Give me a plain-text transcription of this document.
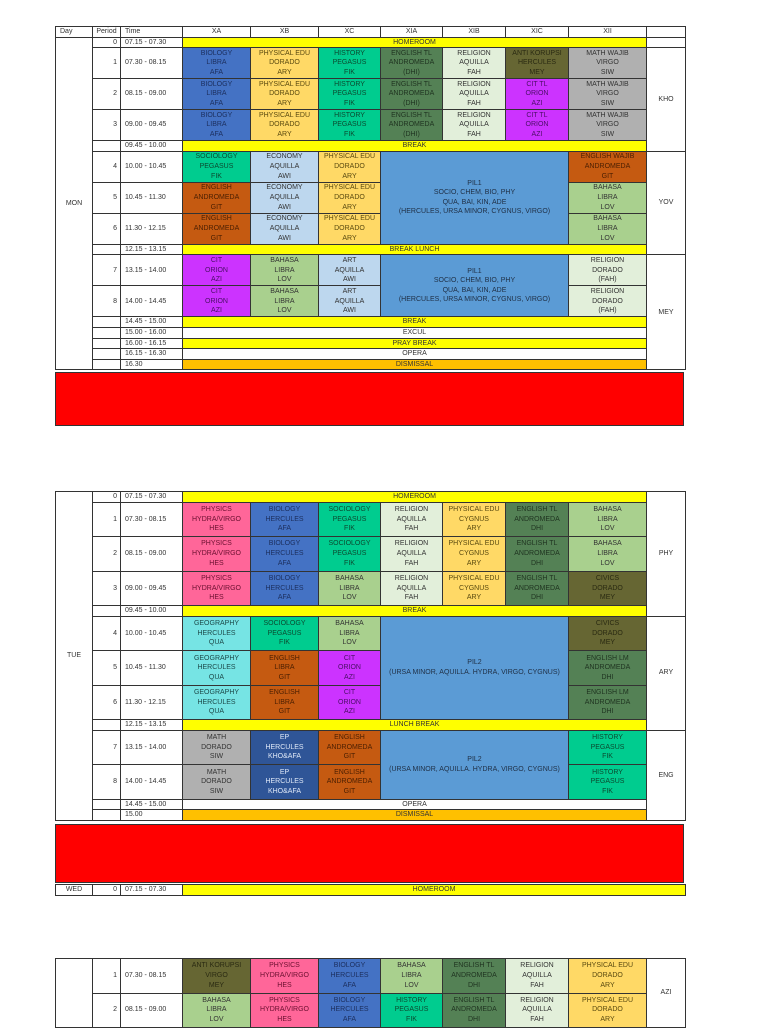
Day	Period	Time	XA	XB	XC	XIA	XIB	XIC	XII	
MON	0	07.15 - 07.30	HOMEROOM							
	1	07.30 - 08.15	BIOLOGY
LIBRA
AFA	PHYSICAL EDU
DORADO
ARY	HISTORY
PEGASUS
FIK	ENGLISH TL
ANDROMEDA
(DHI)	RELIGION
AQUILLA
FAH	ANTI KORUPSI
HERCULES
MEY	MATH WAJIB
VIRGO
SIW	KHO
	2	08.15 - 09.00	BIOLOGY
LIBRA
AFA	PHYSICAL EDU
DORADO
ARY	HISTORY
PEGASUS
FIK	ENGLISH TL
ANDROMEDA
(DHI)	RELIGION
AQUILLA
FAH	CIT TL
ORION
AZI	MATH WAJIB
VIRGO
SIW	

	3	09.00 - 09.45	BIOLOGY
LIBRA
AFA	PHYSICAL EDU
DORADO
ARY	HISTORY
PEGASUS
FIK	ENGLISH TL
ANDROMEDA
(DHI)	RELIGION
AQUILLA
FAH	CIT TL
ORION
AZI	MATH WAJIB
VIRGO
SIW	

		09.45 - 10.00	BREAK							
	4	10.00 - 10.45	SOCIOLOGY
PEGASUS
FIK	ECONOMY
AQUILLA
AWI	PHYSICAL EDU
DORADO
ARY	PIL1
SOCIO, CHEM, BIO, PHY
QUA, BAI, KIN, ADE
(HERCULES, URSA MINOR, CYGNUS, VIRGO)			ENGLISH WAJIB
ANDROMEDA
GIT	YOV
	5	10.45 - 11.30	ENGLISH
ANDROMEDA
GIT	ECONOMY
AQUILLA
AWI	PHYSICAL EDU
DORADO
ARY				BAHASA
LIBRA
LOV	

	6	11.30 - 12.15	ENGLISH
ANDROMEDA
GIT	ECONOMY
AQUILLA
AWI	PHYSICAL EDU
DORADO
ARY				BAHASA
LIBRA
LOV	

		12.15 - 13.15	BREAK LUNCH							
	7	13.15 - 14.00	CIT
ORION
AZI	BAHASA
LIBRA
LOV	ART
AQUILLA
AWI	PIL1
SOCIO, CHEM, BIO, PHY
QUA, BAI, KIN, ADE
(HERCULES, URSA MINOR, CYGNUS, VIRGO)			RELIGION
DORADO
(FAH)	MEY
	8	14.00 - 14.45	CIT
ORION
AZI	BAHASA
LIBRA
LOV	ART
AQUILLA
AWI				RELIGION
DORADO
(FAH)	

		14.45 - 15.00	BREAK							
		15.00 - 16.00	EXCUL							
		16.00 - 16.15	PRAY BREAK							
		16.15 - 16.30	OPERA							
		16.30	DISMISSAL							
TUE	0	07.15 - 07.30	HOMEROOM							PHY
	1	07.30 - 08.15	PHYSICS
HYDRA/VIRGO
HES	BIOLOGY
HERCULES
AFA	SOCIOLOGY
PEGASUS
FIK	RELIGION
AQUILLA
FAH	PHYSICAL EDU
CYGNUS
ARY	ENGLISH TL
ANDROMEDA
DHI	BAHASA
LIBRA
LOV	

	2	08.15 - 09.00	PHYSICS
HYDRA/VIRGO
HES	BIOLOGY
HERCULES
AFA	SOCIOLOGY
PEGASUS
FIK	RELIGION
AQUILLA
FAH	PHYSICAL EDU
CYGNUS
ARY	ENGLISH TL
ANDROMEDA
DHI	BAHASA
LIBRA
LOV	

	3	09.00 - 09.45	PHYSICS
HYDRA/VIRGO
HES	BIOLOGY
HERCULES
AFA	BAHASA
LIBRA
LOV	RELIGION
AQUILLA
FAH	PHYSICAL EDU
CYGNUS
ARY	ENGLISH TL
ANDROMEDA
DHI	CIVICS
DORADO
MEY	

		09.45 - 10.00	BREAK							
	4	10.00 - 10.45	GEOGRAPHY
HERCULES
QUA	SOCIOLOGY
PEGASUS
FIK	BAHASA
LIBRA
LOV	PIL2
(URSA MINOR, AQUILLA. HYDRA, VIRGO, CYGNUS)			CIVICS
DORADO
MEY	ARY
	5	10.45 - 11.30	GEOGRAPHY
HERCULES
QUA	ENGLISH
LIBRA
GIT	CIT
ORION
AZI				ENGLISH LM
ANDROMEDA
DHI	

	6	11.30 - 12.15	GEOGRAPHY
HERCULES
QUA	ENGLISH
LIBRA
GIT	CIT
ORION
AZI				ENGLISH LM
ANDROMEDA
DHI	

		12.15 - 13.15	LUNCH BREAK							
	7	13.15 - 14.00	MATH
DORADO
SIW	EP
HERCULES
KHO&AFA	ENGLISH
ANDROMEDA
GIT	PIL2
(URSA MINOR, AQUILLA. HYDRA, VIRGO, CYGNUS)			HISTORY
PEGASUS
FIK	ENG
	8	14.00 - 14.45	MATH
DORADO
SIW	EP
HERCULES
KHO&AFA	ENGLISH
ANDROMEDA
GIT				HISTORY
PEGASUS
FIK	

		14.45 - 15.00	OPERA							
		15.00	DISMISSAL							
WED	0	07.15 - 07.30	HOMEROOM
	1	07.30 - 08.15	ANTI KORUPSI
VIRGO
MEY	PHYSICS
HYDRA/VIRGO
HES	BIOLOGY
HERCULES
AFA	BAHASA
LIBRA
LOV	ENGLISH TL
ANDROMEDA
DHI	RELIGION
AQUILLA
FAH	PHYSICAL EDU
DORADO
ARY	AZI
	2	08.15 - 09.00	BAHASA
LIBRA
LOV	PHYSICS
HYDRA/VIRGO
HES	BIOLOGY
HERCULES
AFA	HISTORY
PEGASUS
FIK	ENGLISH TL
ANDROMEDA
DHI	RELIGION
AQUILLA
FAH	PHYSICAL EDU
DORADO
ARY	
